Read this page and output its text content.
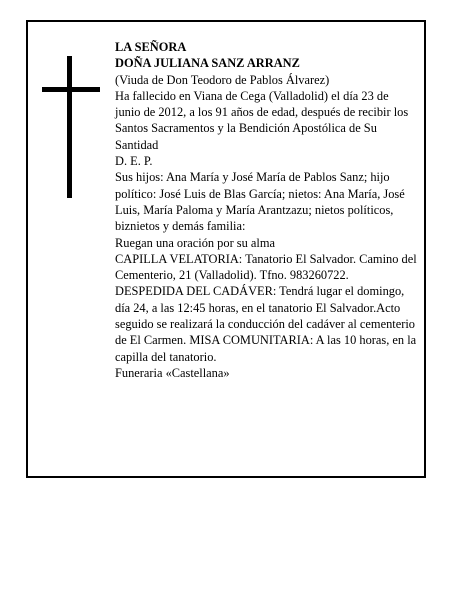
LA SEÑORA

DOÑA JULIANA SANZ ARRANZ

(Viuda de Don Teodoro de Pablos Álvarez)

Ha fallecido en Viana de Cega (Valladolid) el día 23 de junio de 2012, a los 91 años de edad, después de recibir los Santos Sacramentos y la Bendición Apostólica de Su Santidad

D. E. P.

Sus hijos: Ana María y José María de Pablos Sanz; hijo político: José Luis de Blas García; nietos: Ana María, José Luis, María Paloma y María Arantzazu; nietos políticos, biznietos y demás familia:

Ruegan una oración por su alma

CAPILLA VELATORIA: Tanatorio El Salvador. Camino del Cementerio, 21 (Valladolid). Tfno. 983260722.

DESPEDIDA DEL CADÁVER: Tendrá lugar el domingo, día 24, a las 12:45 horas, en el tanatorio El Salvador.Acto seguido se realizará la conducción del cadáver al cementerio de El Carmen. MISA COMUNITARIA: A las 10 horas, en la capilla del tanatorio.

Funeraria «Castellana»
